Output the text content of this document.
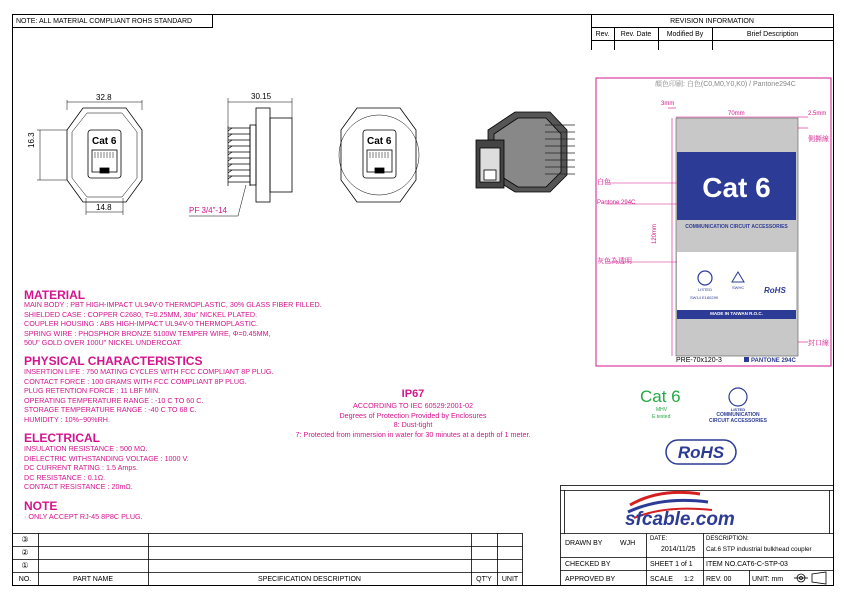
NOTE: ALL MATERIAL COMPLIANT ROHS STANDARD	REVISION INFORMATION
Rev.	Rev. Date	Modified By	Brief Description
32.8
16.3
14.8
30.15
PF 3/4"-14
Cat 6	Cat 6
顏色印刷: 白色(C0,M0,Y0,K0) / Pantone294C
3mm
70mm	2.5mm
120mm
側撕線
封口線
白色
Pantone 294C
灰色為透明
Cat 6
COMMUNICATION CIRCUIT ACCESSORIES
LISTED
SW14 E180299
SWHC RoHS
MADE IN TAIWAN R.O.C.
PRE-70x120-3	PANTONE 294C
Cat 6
MHV
E tested
LISTED
COMMUNICATION
CIRCUIT ACCESSORIES
RoHS
MATERIAL
MAIN BODY : PBT HIGH-IMPACT UL94V-0 THERMOPLASTIC, 30% GLASS FIBER FILLED.
SHIELDED CASE : COPPER C2680, T=0.25MM, 30u" NICKEL PLATED.
COUPLER HOUSING : ABS HIGH-IMPACT UL94V-0 THERMOPLASTIC.
SPRING WIRE : PHOSPHOR BRONZE 5100W TEMPER WIRE, Φ=0.45MM,
50U" GOLD OVER 100U" NICKEL UNDERCOAT.
PHYSICAL CHARACTERISTICS
INSERTION LIFE : 750 MATING CYCLES WITH FCC COMPLIANT 8P PLUG.
CONTACT FORCE : 100 GRAMS WITH FCC COMPLIANT 8P PLUG.
PLUG RETENTION FORCE : 11 LBF MIN.
OPERATING TEMPERATURE RANGE : -10 C TO 60 C.
STORAGE TEMPERATURE RANGE : -40 C TO 68 C.
HUMIDITY : 10%~90%RH.
ELECTRICAL
INSULATION RESISTANCE : 500 MΩ.
DIELECTRIC WITHSTANDING VOLTAGE : 1000 V.
DC CURRENT RATING : 1.5 Amps.
DC RESISTANCE : 0.1Ω.
CONTACT RESISTANCE : 20mΩ.
NOTE
· ONLY ACCEPT RJ-45 8P8C PLUG.
IP67
ACCORDING TO IEC 60529:2001-02
Degrees of Protection Provided by Enclosures
8: Dust-tight
7: Protected from immersion in water for 30 minutes at a depth of 1 meter.
③
②
①
NO.	PART NAME	SPECIFICATION DESCRIPTION	QT'Y	UNIT
sfcable.com
DRAWN BY	WJH
DATE:
2014/11/25
DESCRIPTION:
Cat.6 STP industrial bulkhead coupler
CHECKED BY	SHEET 1 of 1 ITEM NO.CAT6-C-STP-03
APPROVED BY	SCALE 1:2 REV. 00	UNIT: mm
